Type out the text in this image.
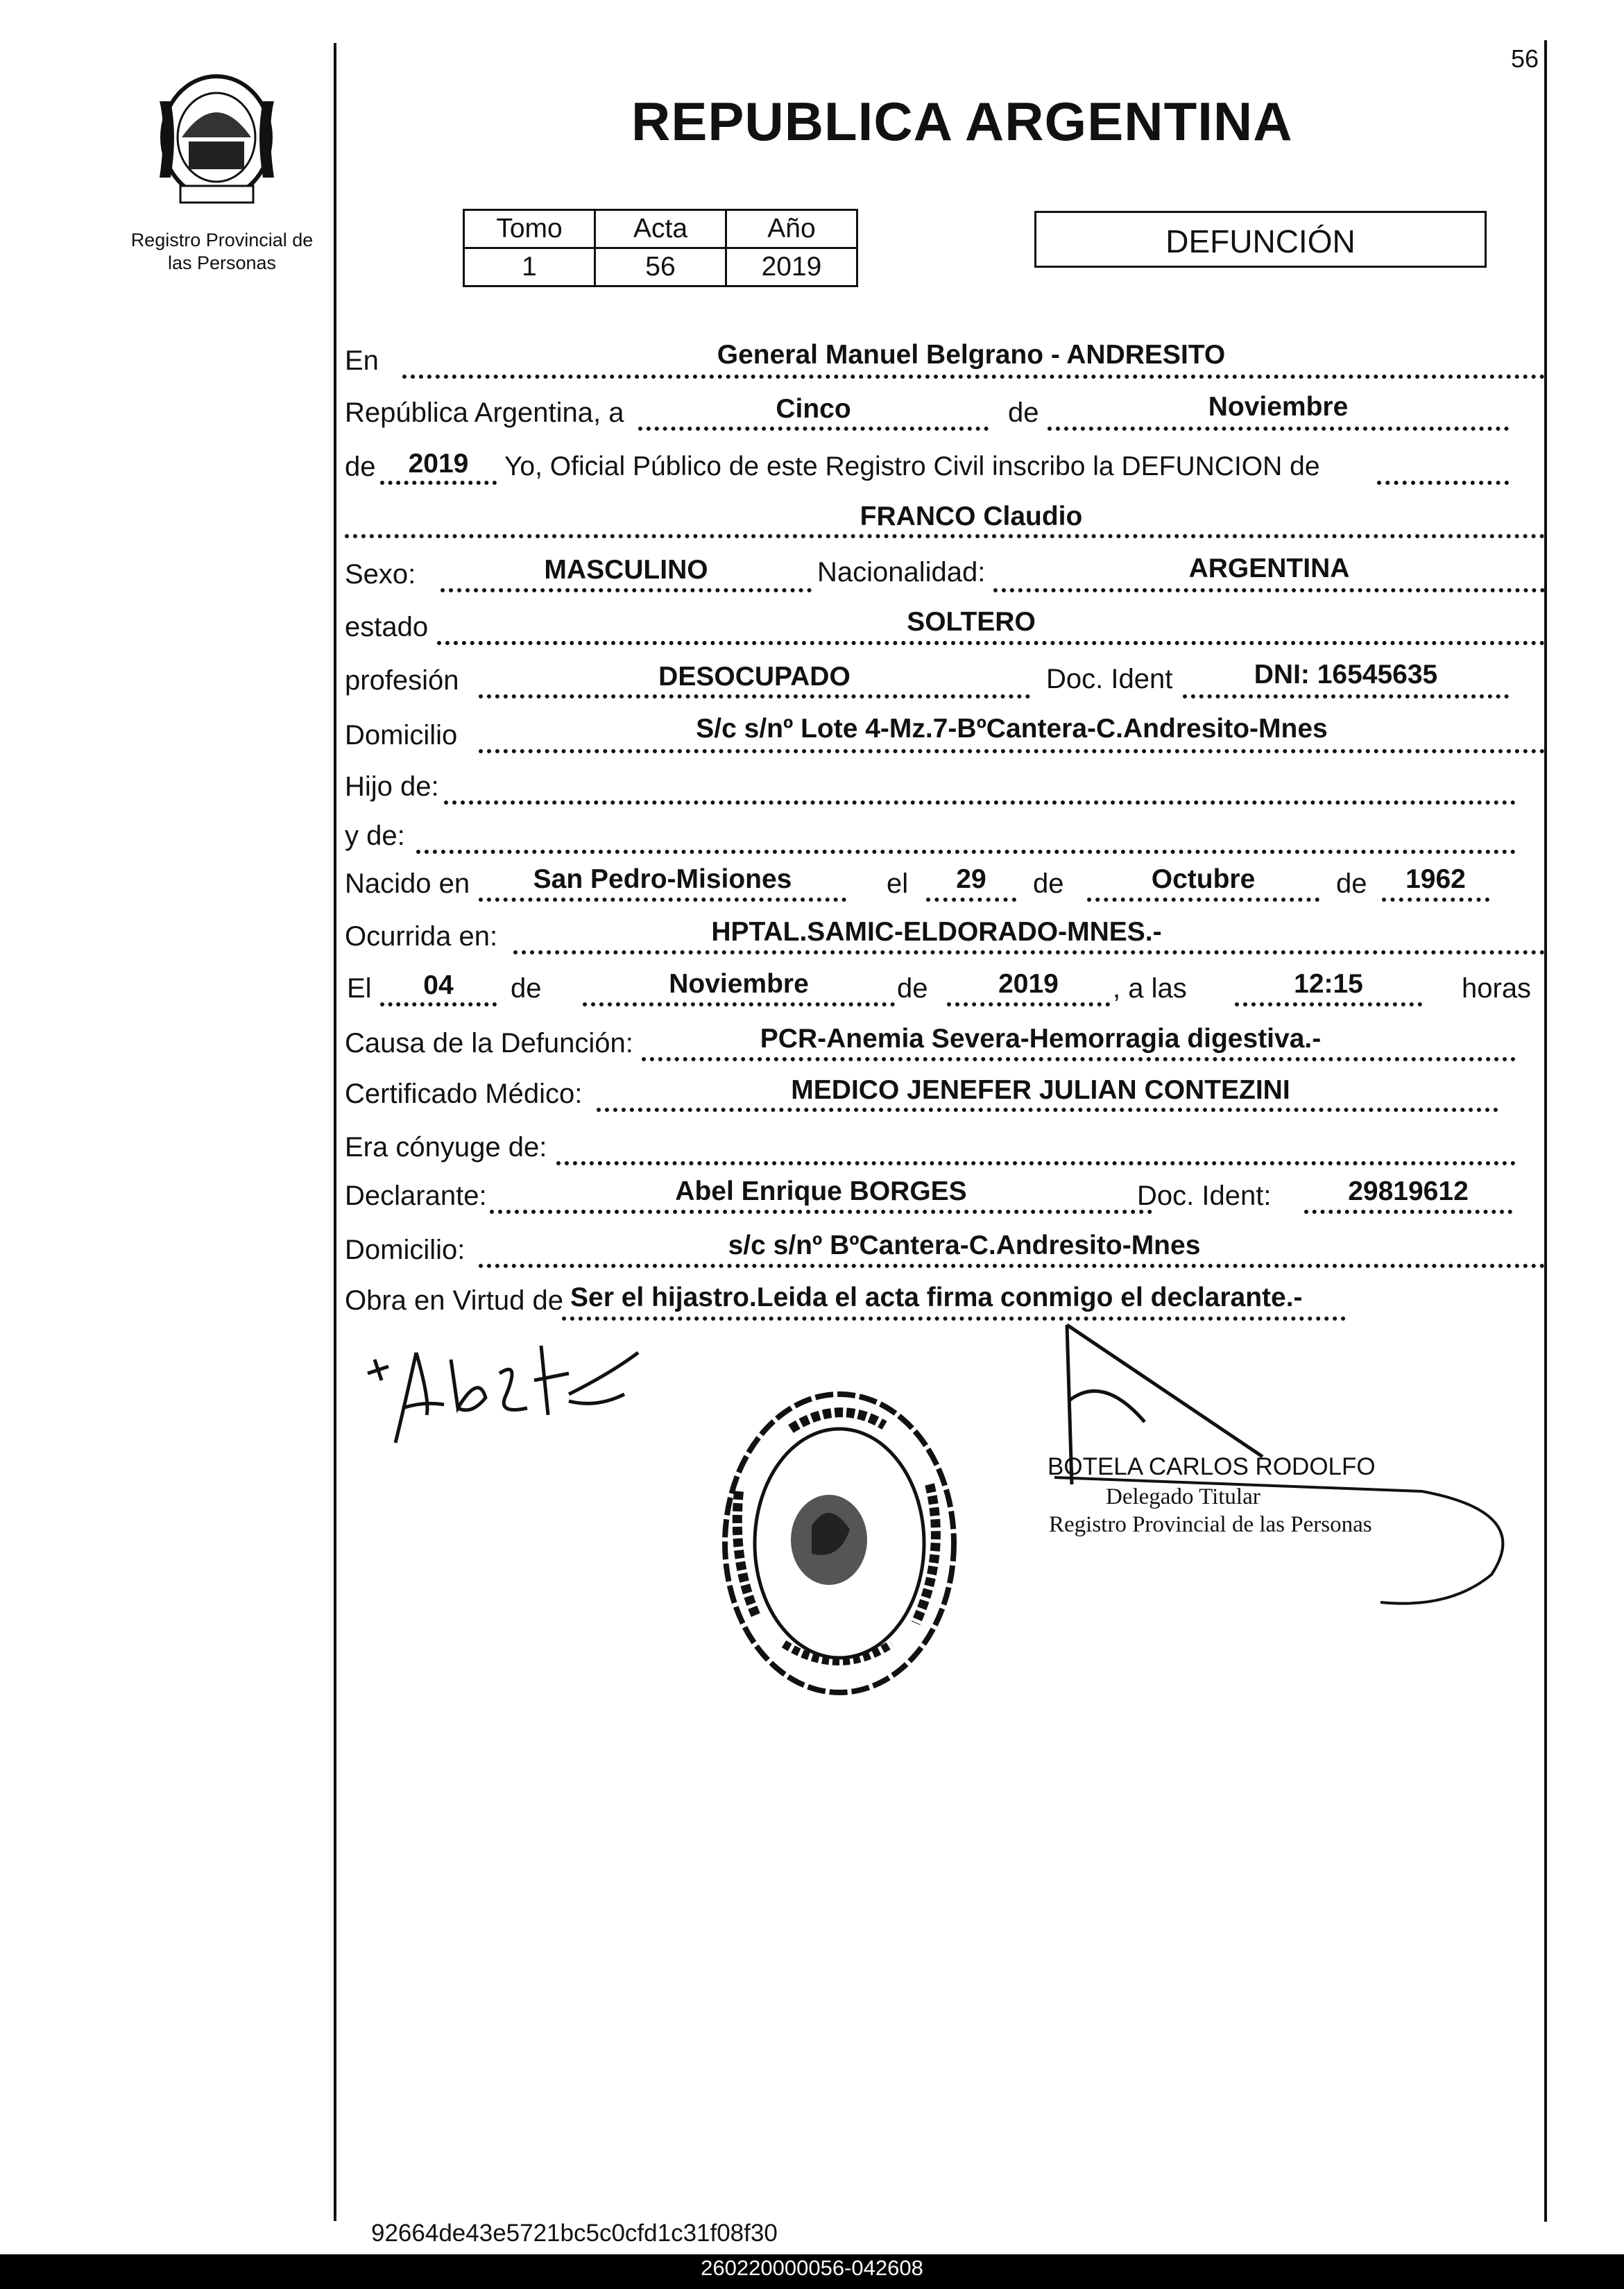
Registro Provincial de
las Personas
REPUBLICA ARGENTINA
56
Tomo	Acta	Año
1	56	2019
DEFUNCIÓN
En	General Manuel Belgrano - ANDRESITO
República Argentina, a	Cinco	de	Noviembre
de	2019	Yo, Oficial Público de este Registro Civil inscribo la DEFUNCION de
FRANCO Claudio
Sexo:	MASCULINO	Nacionalidad:	ARGENTINA
estado	SOLTERO
profesión	DESOCUPADO	Doc. Ident	DNI: 16545635
Domicilio	S/c s/nº Lote 4-Mz.7-BºCantera-C.Andresito-Mnes
Hijo de:
y de:
Nacido en	San Pedro-Misiones	el	29	de	Octubre	de	1962
Ocurrida en:	HPTAL.SAMIC-ELDORADO-MNES.-
El	04	de	Noviembre	de	2019	, a las	12:15	horas
Causa de la Defunción:	PCR-Anemia Severa-Hemorragia digestiva.-
Certificado Médico:	MEDICO JENEFER JULIAN CONTEZINI
Era cónyuge de:
Declarante:	Abel Enrique BORGES	Doc. Ident:	29819612
Domicilio:	s/c s/nº BºCantera-C.Andresito-Mnes
Obra en Virtud de Ser el hijastro.Leida el acta firma conmigo el declarante.-
BOTELA CARLOS RODOLFO
Delegado Titular
Registro Provincial de las Personas
92664de43e5721bc5c0cfd1c31f08f30
260220000056-042608
